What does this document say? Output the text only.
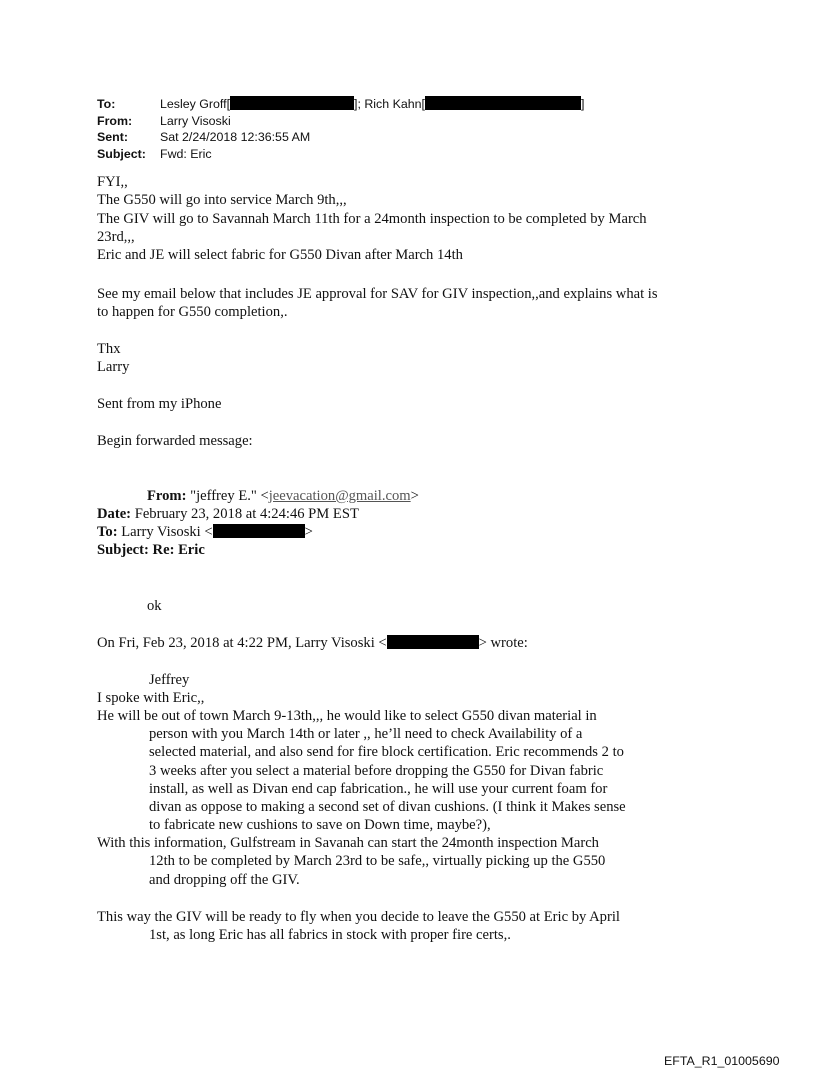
To:	Lesley Groff[	]; Rich Kahn[	]
From:	Larry Visoski
Sent:	Sat 2/24/2018 12:36:55 AM
Subject:	Fwd: Eric
FYI,,
The G550 will go into service March 9th,,,
The GIV will go to Savannah March 11th for a 24month inspection to be completed by March
23rd,,,
Eric and JE will select fabric for G550 Divan after March 14th
See my email below that includes JE approval for SAV for GIV inspection,,and explains what is
to happen for G550 completion,.
Thx
Larry
Sent from my iPhone
Begin forwarded message:
From: "jeffrey E." <jeevacation@gmail.com>
Date: February 23, 2018 at 4:24:46 PM EST
To: Larry Visoski <	>
Subject: Re: Eric
ok
On Fri, Feb 23, 2018 at 4:22 PM, Larry Visoski <	> wrote:
Jeffrey
I spoke with Eric,,
He will be out of town March 9-13th,,, he would like to select G550 divan material in
person with you March 14th or later ,, he’ll need to check Availability of a
selected material, and also send for fire block certification. Eric recommends 2 to
3 weeks after you select a material before dropping the G550 for Divan fabric
install, as well as Divan end cap fabrication., he will use your current foam for
divan as oppose to making a second set of divan cushions. (I think it Makes sense
to fabricate new cushions to save on Down time, maybe?),
With this information, Gulfstream in Savanah can start the 24month inspection March
12th to be completed by March 23rd to be safe,, virtually picking up the G550
and dropping off the GIV.
This way the GIV will be ready to fly when you decide to leave the G550 at Eric by April
1st, as long Eric has all fabrics in stock with proper fire certs,.
EFTA_R1_01005690
